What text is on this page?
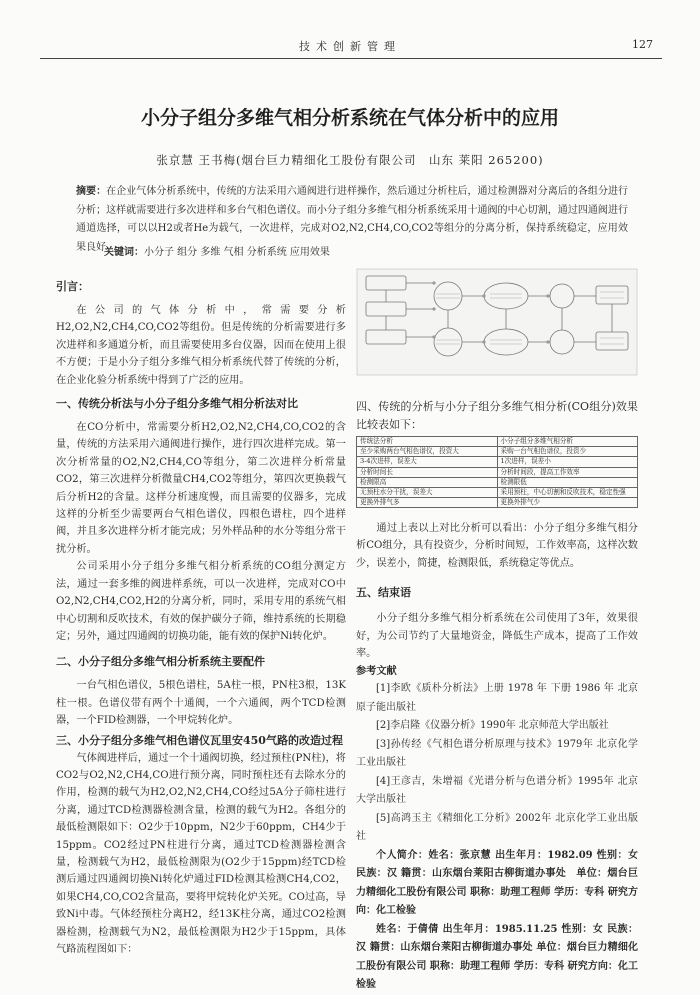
技术创新管理	127
小分子组分多维气相分析系统在气体分析中的应用
张京慧 王书梅(烟台巨力精细化工股份有限公司　山东 莱阳 265200)
摘要：在企业气体分析系统中，传统的方法采用六通阀进行进样操作，然后通过分析柱后，通过检测器对分离后的各组分进行分析；这样就需要进行多次进样和多台气相色谱仪。而小分子组分多维气相分析系统采用十通阀的中心切割，通过四通阀进行通道选择，可以以H2或者He为载气，一次进样，完成对O2,N2,CH4,CO,CO2等组分的分离分析，保持系统稳定，应用效果良好。
关键词：小分子 组分 多维 气相 分析系统 应用效果
引言：

在公司的气体分析中，常需要分析H2,O2,N2,CH4,CO,CO2等组份。但是传统的分析需要进行多次进样和多通道分析，而且需要使用多台仪器，因而在使用上很不方便；于是小分子组分多维气相分析系统代替了传统的分析，在企业化验分析系统中得到了广泛的应用。

一、传统分析法与小分子组分多维气相分析法对比

在CO分析中，常需要分析H2,O2,N2,CH4,CO,CO2的含量，传统的方法采用六通阀进行操作，进行四次进样完成。第一次分析常量的O2,N2,CH4,CO等组分，第二次进样分析常量CO2，第三次进样分析微量CH4,CO2等组分，第四次更换载气后分析H2的含量。这样分析速度慢，而且需要的仪器多，完成这样的分析至少需要两台气相色谱仪，四根色谱柱，四个进样阀，并且多次进样分析才能完成；另外样品种的水分等组分常干扰分析。

公司采用小分子组分多维气相分析系统的CO组分测定方法，通过一套多维的阀进样系统，可以一次进样，完成对CO中O2,N2,CH4,CO2,H2的分离分析，同时，采用专用的系统气相中心切割和反吹技术，有效的保护碳分子筛，维持系统的长期稳定；另外，通过四通阀的切换功能，能有效的保护Ni转化炉。

二、小分子组分多维气相分析系统主要配件

一台气相色谱仪，5根色谱柱，5A柱一根，PN柱3根，13K柱一根。色谱仪带有两个十通阀，一个六通阀，两个TCD检测器，一个FID检测器，一个甲烷转化炉。

三、小分子组分多维气相色谱仪瓦里安450气路的改造过程

气体阀进样后，通过一个十通阀切换，经过预柱(PN柱)，将CO2与O2,N2,CH4,CO进行预分离，同时预柱还有去除水分的作用，检测的载气为H2,O2,N2,CH4,CO经过5A分子筛柱进行分离，通过TCD检测器检测含量，检测的载气为H2。各组分的最低检测限如下：O2少于10ppm，N2少于60ppm，CH4少于15ppm。CO2经过PN柱进行分离，通过TCD检测器检测含量，检测载气为H2，最低检测限为(O2少于15ppm)经TCD检测后通过四通阀切换Ni转化炉通过FID检测其检测CH4,CO2，如果CH4,CO,CO2含量高，要将甲烷转化炉关死。CO过高，导致Ni中毒。气体经预柱分离H2，经13K柱分离，通过CO2检测器检测，检测载气为N2，最低检测限为H2少于15ppm，具体气路流程图如下：

四、传统的分析与小分子组分多维气相分析(CO组分)效果比较表如下：
传统法分析	小分子组分多维气相分析
至少采购两台气相色谱仪，投资大	采购一台气相色谱仪，投资少
3-4次进样，误差大	1次进样，误差小
分析时间长	分析时间段，提高工作效率
检测限高	检测限低
无预柱水分干扰，误差大	采用预柱，中心切割和反吹技术，稳定性强
更换外排气多	更换外排气少

通过上表以上对比分析可以看出：小分子组分多维气相分析CO组分，具有投资少，分析时间短，工作效率高，这样次数少，误差小，简捷，检测限低，系统稳定等优点。

五、结束语

小分子组分多维气相分析系统在公司使用了3年，效果很好，为公司节约了大量地资金，降低生产成本，提高了工作效率。

参考文献

[1]李欧《质朴分析法》上册 1978 年 下册 1986 年 北京原子能出版社

[2]李启隆《仪器分析》1990年 北京师范大学出版社

[3]孙传经《气相色谱分析原理与技术》1979年 北京化学工业出版社

[4]王彦吉，朱增福《光谱分析与色谱分析》1995年 北京大学出版社

[5]高鸿玉主《精细化工分析》2002年 北京化学工业出版社

个人简介：姓名：张京慧 出生年月：1982.09 性别：女 民族：汉 籍贯：山东烟台莱阳古柳街道办事处　单位：烟台巨力精细化工股份有限公司 职称：助理工程师 学历：专科 研究方向：化工检验

姓名：于倩倩 出生年月：1985.11.25 性别：女 民族：汉 籍贯：山东烟台莱阳古柳街道办事处 单位：烟台巨力精细化工股份有限公司 职称：助理工程师 学历：专科 研究方向：化工检验
